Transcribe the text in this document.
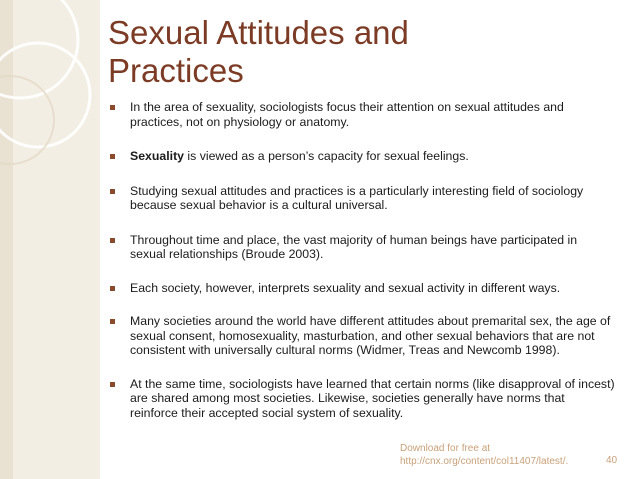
Sexual Attitudes and
Practices
In the area of sexuality, sociologists focus their attention on sexual attitudes and practices, not on physiology or anatomy.
Sexuality is viewed as a person’s capacity for sexual feelings.
Studying sexual attitudes and practices is a particularly interesting field of sociology because sexual behavior is a cultural universal.
Throughout time and place, the vast majority of human beings have participated in sexual relationships (Broude 2003).
Each society, however, interprets sexuality and sexual activity in different ways.
Many societies around the world have different attitudes about premarital sex, the age of sexual consent, homosexuality, masturbation, and other sexual behaviors that are not consistent with universally cultural norms (Widmer, Treas and Newcomb 1998).
At the same time, sociologists have learned that certain norms (like disapproval of incest) are shared among most societies. Likewise, societies generally have norms that reinforce their accepted social system of sexuality.
Download for free at
http://cnx.org/content/col11407/latest/.	40
